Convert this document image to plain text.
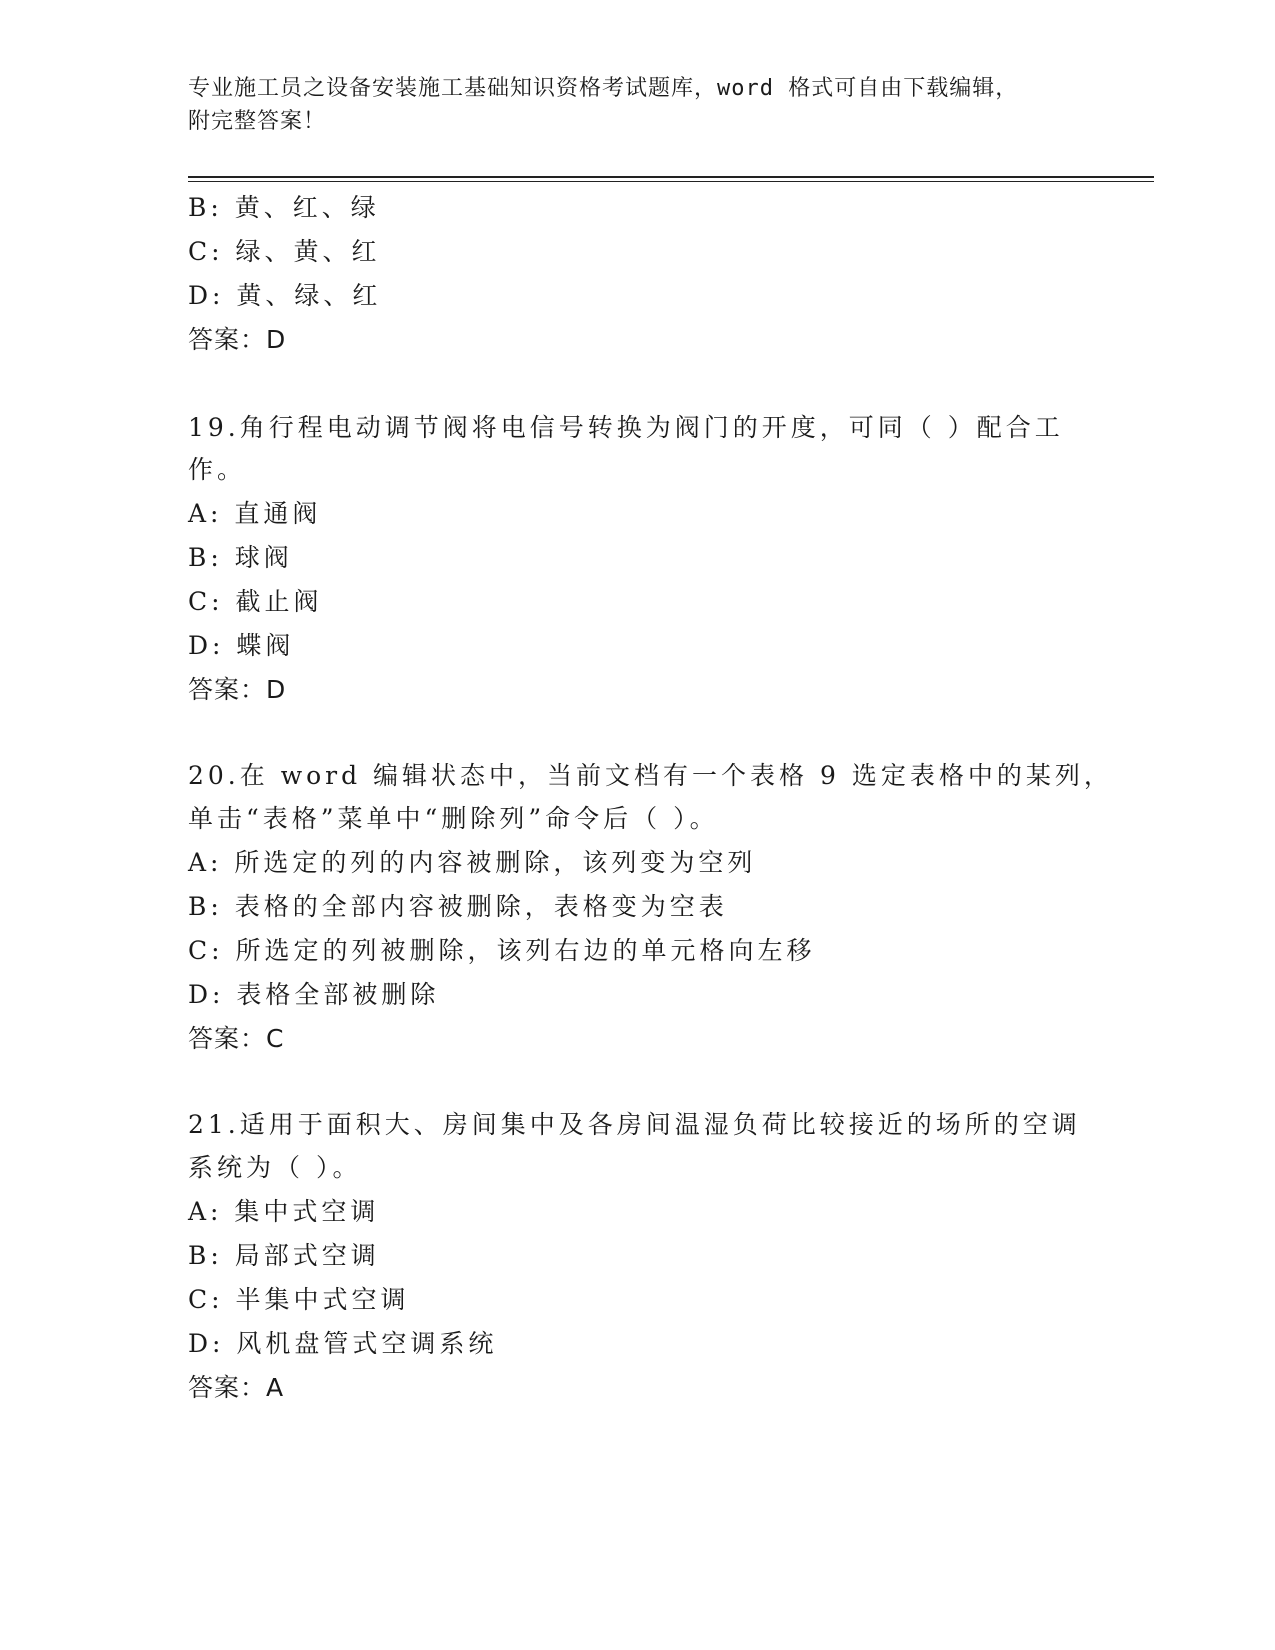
专业施工员之设备安装施工基础知识资格考试题库，word 格式可自由下载编辑，
附完整答案！
B: 黄、红、绿
C: 绿、黄、红
D: 黄、绿、红
答案：D
19.角行程电动调节阀将电信号转换为阀门的开度，可同（ ）配合工
作。
A: 直通阀
B: 球阀
C: 截止阀
D: 蝶阀
答案：D
20.在 word 编辑状态中，当前文档有一个表格 9 选定表格中的某列，
单击“表格”菜单中“删除列”命令后（ ）。
A: 所选定的列的内容被删除，该列变为空列
B: 表格的全部内容被删除，表格变为空表
C: 所选定的列被删除，该列右边的单元格向左移
D: 表格全部被删除
答案：C
21.适用于面积大、房间集中及各房间温湿负荷比较接近的场所的空调
系统为（ ）。
A: 集中式空调
B: 局部式空调
C: 半集中式空调
D: 风机盘管式空调系统
答案：A
